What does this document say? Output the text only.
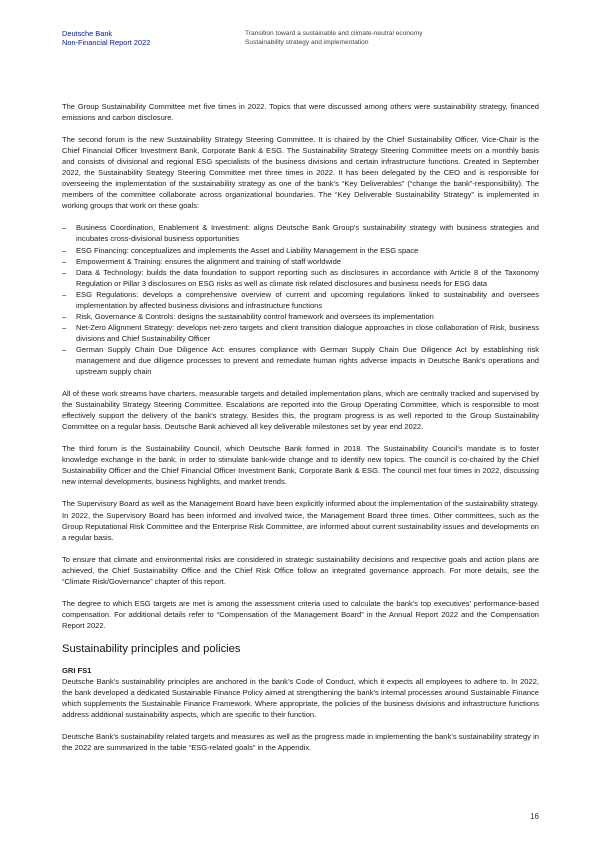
Deutsche Bank
Non-Financial Report 2022
Transition toward a sustainable and climate-neutral economy
Sustainability strategy and implementation

The Group Sustainability Committee met five times in 2022. Topics that were discussed among others were sustainability strategy, financed emissions and carbon disclosure.

The second forum is the new Sustainability Strategy Steering Committee. It is chaired by the Chief Sustainability Officer, Vice-Chair is the Chief Financial Officer Investment Bank, Corporate Bank & ESG. The Sustainability Strategy Steering Committee meets on a monthly basis and consists of divisional and regional ESG specialists of the business divisions and certain infrastructure functions. Created in September 2022, the Sustainability Strategy Steering Committee met three times in 2022. It has been delegated by the CEO and is responsible for overseeing the implementation of the sustainability strategy as one of the bank’s “Key Deliverables” (“change the bank”-responsibility). The members of the committee collaborate across organizational boundaries. The “Key Deliverable Sustainability Strategy” is implemented in working groups that work on these goals:

– Business Coordination, Enablement & Investment: aligns Deutsche Bank Group’s sustainability strategy with business strategies and incubates cross-divisional business opportunities
– ESG Financing: conceptualizes and implements the Asset and Liability Management in the ESG space
– Empowerment & Training: ensures the alignment and training of staff worldwide
– Data & Technology: builds the data foundation to support reporting such as disclosures in accordance with Article 8 of the Taxonomy Regulation or Pillar 3 disclosures on ESG risks as well as climate risk related disclosures and business needs for ESG data
– ESG Regulations: develops a comprehensive overview of current and upcoming regulations linked to sustainability and oversees implementation by affected business divisions and infrastructure functions
– Risk, Governance & Controls: designs the sustainability control framework and oversees its implementation
– Net-Zero Alignment Strategy: develops net-zero targets and client transition dialogue approaches in close collaboration of Risk, business divisions and Chief Sustainability Officer
– German Supply Chain Due Diligence Act: ensures compliance with German Supply Chain Due Diligence Act by establishing risk management and due diligence processes to prevent and remediate human rights adverse impacts in Deutsche Bank’s operations and upstream supply chain

All of these work streams have charters, measurable targets and detailed implementation plans, which are centrally tracked and supervised by the Sustainability Strategy Steering Committee. Escalations are reported into the Group Operating Committee, which is responsible to most effectively support the delivery of the bank’s strategy. Besides this, the program progress is as well reported to the Group Sustainability Committee on a regular basis. Deutsche Bank achieved all key deliverable milestones set by year end 2022.

The third forum is the Sustainability Council, which Deutsche Bank formed in 2018. The Sustainability Council’s mandate is to foster knowledge exchange in the bank, in order to stimulate bank-wide change and to identify new topics. The council is co-chaired by the Chief Sustainability Officer and the Chief Financial Officer Investment Bank, Corporate Bank & ESG. The council met four times in 2022, discussing new internal developments, business highlights, and market trends.

The Supervisory Board as well as the Management Board have been explicitly informed about the implementation of the sustainability strategy. In 2022, the Supervisory Board has been informed and involved twice, the Management Board three times. Other committees, such as the Group Reputational Risk Committee and the Enterprise Risk Committee, are informed about current sustainability issues and developments on a regular basis.

To ensure that climate and environmental risks are considered in strategic sustainability decisions and respective goals and action plans are achieved, the Chief Sustainability Office and the Chief Risk Office follow an integrated governance approach. For more details, see the “Climate Risk/Governance” chapter of this report.

The degree to which ESG targets are met is among the assessment criteria used to calculate the bank’s top executives’ performance-based compensation. For additional details refer to “Compensation of the Management Board” in the Annual Report 2022 and the Compensation Report 2022.

Sustainability principles and policies
GRI FS1

Deutsche Bank’s sustainability principles are anchored in the bank’s Code of Conduct, which it expects all employees to adhere to. In 2022, the bank developed a dedicated Sustainable Finance Policy aimed at strengthening the bank’s internal processes around Sustainable Finance which supplements the Sustainable Finance Framework. Where appropriate, the policies of the business divisions and infrastructure functions address additional sustainability aspects, which are specific to their function.

Deutsche Bank’s sustainability related targets and measures as well as the progress made in implementing the bank’s sustainability strategy in the 2022 are summarized in the table “ESG-related goals” in the Appendix.

16
